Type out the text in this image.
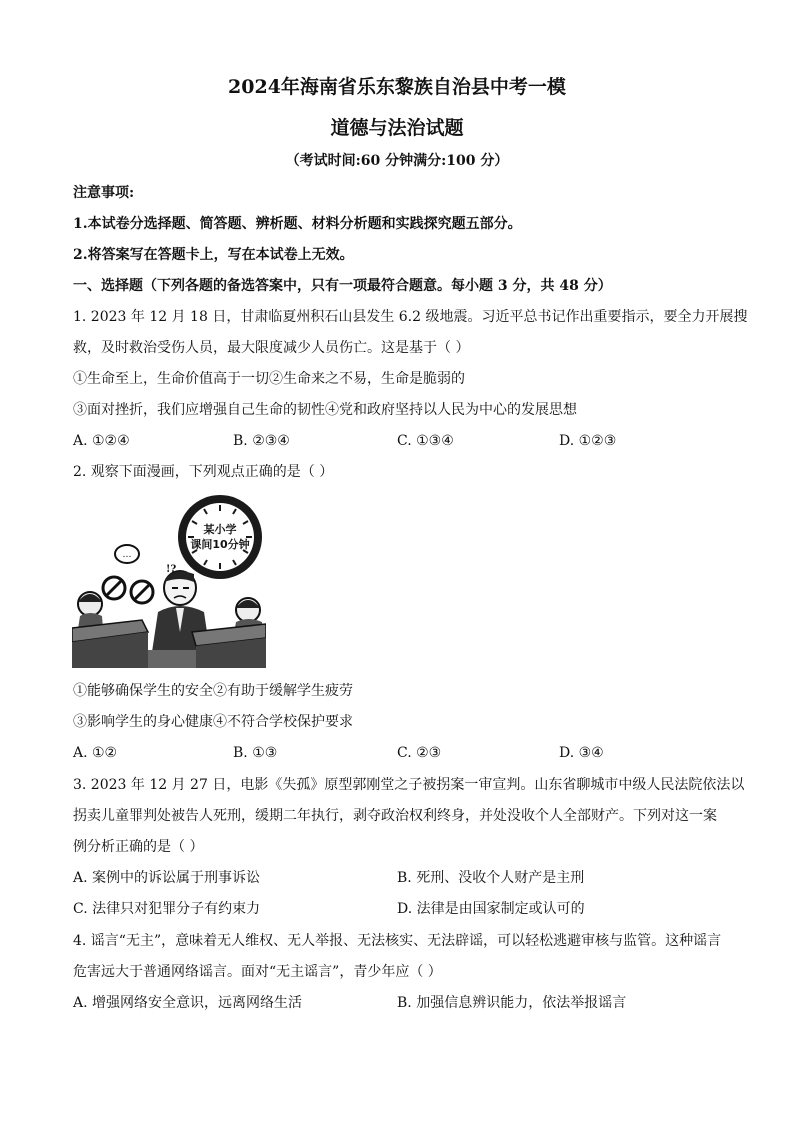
2024年海南省乐东黎族自治县中考一模
道德与法治试题
（考试时间:60 分钟满分:100 分）
注意事项:
1.本试卷分选择题、简答题、辨析题、材料分析题和实践探究题五部分。
2.将答案写在答题卡上，写在本试卷上无效。
一、选择题（下列各题的备选答案中，只有一项最符合题意。每小题 3 分，共 48 分）
1. 2023 年 12 月 18 日，甘肃临夏州积石山县发生 6.2 级地震。习近平总书记作出重要指示，要全力开展搜
救，及时救治受伤人员，最大限度减少人员伤亡。这是基于（ ）
①生命至上，生命价值高于一切②生命来之不易，生命是脆弱的
③面对挫折，我们应增强自己生命的韧性④党和政府坚持以人民为中心的发展思想
A. ①②④	B. ②③④	C. ①③④	D. ①②③
2. 观察下面漫画，下列观点正确的是（ ）
某小学
课间10分钟
…
!?
①能够确保学生的安全②有助于缓解学生疲劳
③影响学生的身心健康④不符合学校保护要求
A. ①②	B. ①③	C. ②③	D. ③④
3. 2023 年 12 月 27 日，电影《失孤》原型郭刚堂之子被拐案一审宣判。山东省聊城市中级人民法院依法以
拐卖儿童罪判处被告人死刑，缓期二年执行，剥夺政治权利终身，并处没收个人全部财产。下列对这一案
例分析正确的是（ ）
A. 案例中的诉讼属于刑事诉讼	B. 死刑、没收个人财产是主刑
C. 法律只对犯罪分子有约束力	D. 法律是由国家制定或认可的
4. 谣言“无主”，意味着无人维权、无人举报、无法核实、无法辟谣，可以轻松逃避审核与监管。这种谣言
危害远大于普通网络谣言。面对“无主谣言”，青少年应（ ）
A. 增强网络安全意识，远离网络生活	B. 加强信息辨识能力，依法举报谣言
